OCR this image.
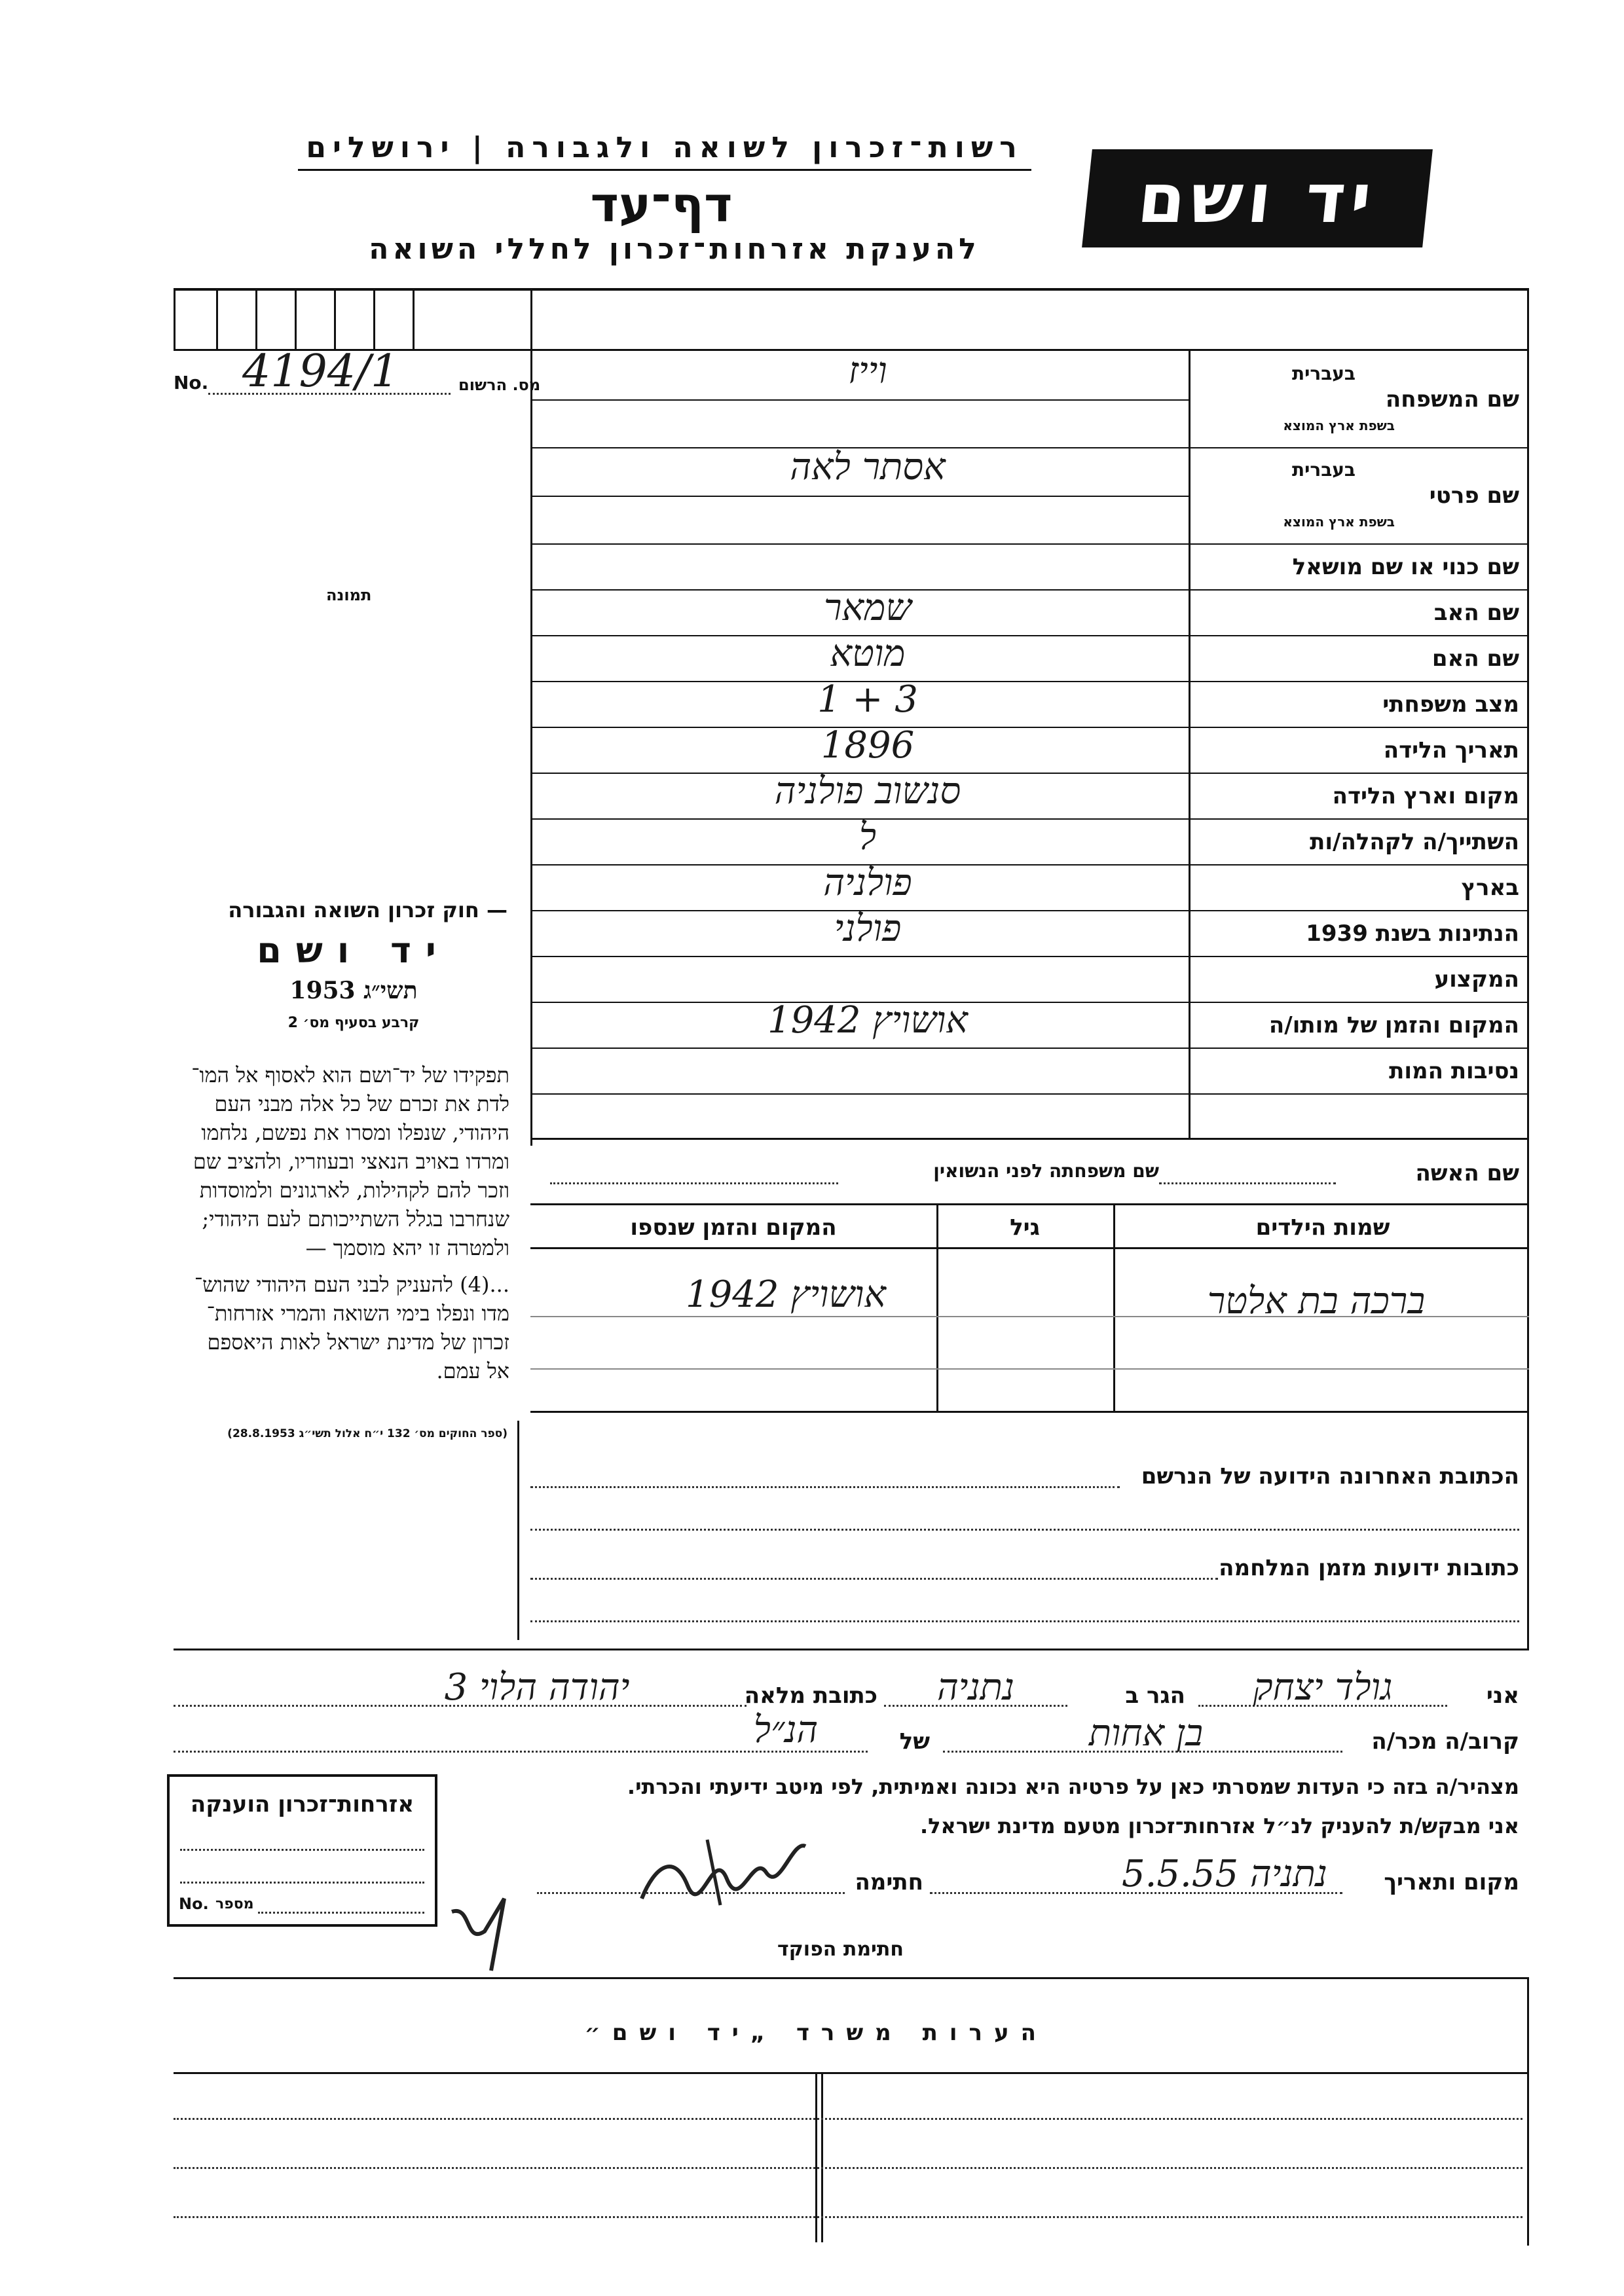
רשות־זכרון לשואה ולגבורה | ירושלים
דף־עד
להענקת אזרחות־זכרון לחללי השואה
יד ושם
מס. הרשום
No. 4194/1
תמונה
שם המשפחה
בעברית
בשפת ארץ המוצא
וייז
שם פרטי
בעברית
בשפת ארץ המוצא
אסתר לאה
שם כנוי או שם מושאל
שם האב
שמאר
שם האם
מוטא
מצב משפחתי
3 + 1
תאריך הלידה
1896
מקום וארץ הלידה
סנשוב פולניה
השתייך/ה לקהלה/ות
ל
בארץ
פולניה
הנתינות בשנת 1939
פולני
המקצוע
המקום והזמן של מותו/ה
אושויץ 1942
נסיבות המות
— חוק זכרון השואה והגבורה
יד ושם
תשי״ג 1953
קרבע בסעיף מס׳ 2
תפקידו של יד־ושם הוא לאסוף אל המו־
לדת את זכרם של כל אלה מבני העם
היהודי, שנפלו ומסרו את נפשם, נלחמו
ומרדו באויב הנאצי ובעוזריו, ולהציב שם
וזכר להם לקהילות, לארגונים ולמוסדות
שנחרבו בגלל השתייכותם לעם היהודי;
ולמטרה זו יהא מוסמך —
...(4) להעניק לבני העם היהודי שהוש־
מדו ונפלו בימי השואה והמרי אזרחות־
זכרון של מדינת ישראל לאות היאספם
אל עמם.
(ספר החוקים מס׳ 132 י״ח אלול תשי״ג 28.8.1953)
שם האשה
שם משפחתה לפני הנשואין
שמות הילדים
גיל
המקום והזמן שנספו
ברכה בת אלטר
אושויץ 1942
הכתובת האחרונה הידועה של הנרשם
כתובות ידועות מזמן המלחמה
אני
גולד יצחק
הגר ב
נתניה
כתובת מלאה
יהודה הלוי 3
קרוב/ה מכר/ה
בן אחות
של
הנ״ל
מצהיר/ה בזה כי העדות שמסרתי כאן על פרטיה היא נכונה ואמיתית, לפי מיטב ידיעתי והכרתי.
אני מבקש/ת להעניק לנ״ל אזרחות־זכרון מטעם מדינת ישראל.
מקום ותאריך
נתניה 5.5.55
חתימה
חתימת הפוקד
אזרחות־זכרון הוענקה
No. מספר
הערות משרד „יד ושם״
